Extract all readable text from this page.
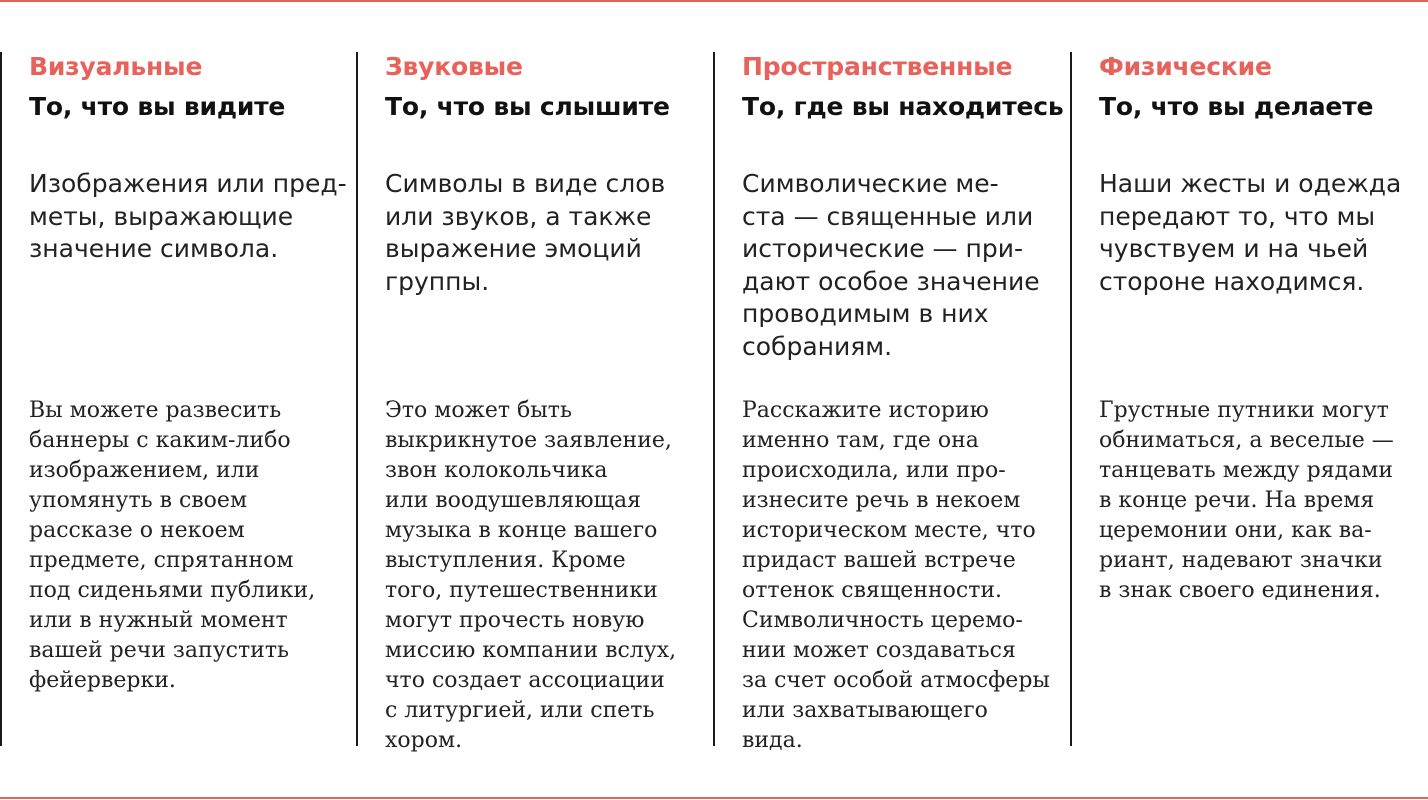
Визуальные
То, что вы видите

Изображения или пред-
меты, выражающие
значение символа.

Вы можете развесить
баннеры с каким-либо
изображением, или
упомянуть в своем
рассказе о некоем
предмете, спрятанном
под сиденьями публики,
или в нужный момент
вашей речи запустить
фейерверки.

Звуковые
То, что вы слышите

Символы в виде слов
или звуков, а также
выражение эмоций
группы.

Это может быть
выкрикнутое заявление,
звон колокольчика
или воодушевляющая
музыка в конце вашего
выступления. Кроме
того, путешественники
могут прочесть новую
миссию компании вслух,
что создает ассоциации
с литургией, или спеть
хором.

Пространственные
То, где вы находитесь

Символические ме-
ста — священные или
исторические — при-
дают особое значение
проводимым в них
собраниям.

Расскажите историю
именно там, где она
происходила, или про-
изнесите речь в некоем
историческом месте, что
придаст вашей встрече
оттенок священности.
Символичность церемо-
нии может создаваться
за счет особой атмосферы
или захватывающего
вида.

Физические
То, что вы делаете

Наши жесты и одежда
передают то, что мы
чувствуем и на чьей
стороне находимся.

Грустные путники могут
обниматься, а веселые —
танцевать между рядами
в конце речи. На время
церемонии они, как ва-
риант, надевают значки
в знак своего единения.
